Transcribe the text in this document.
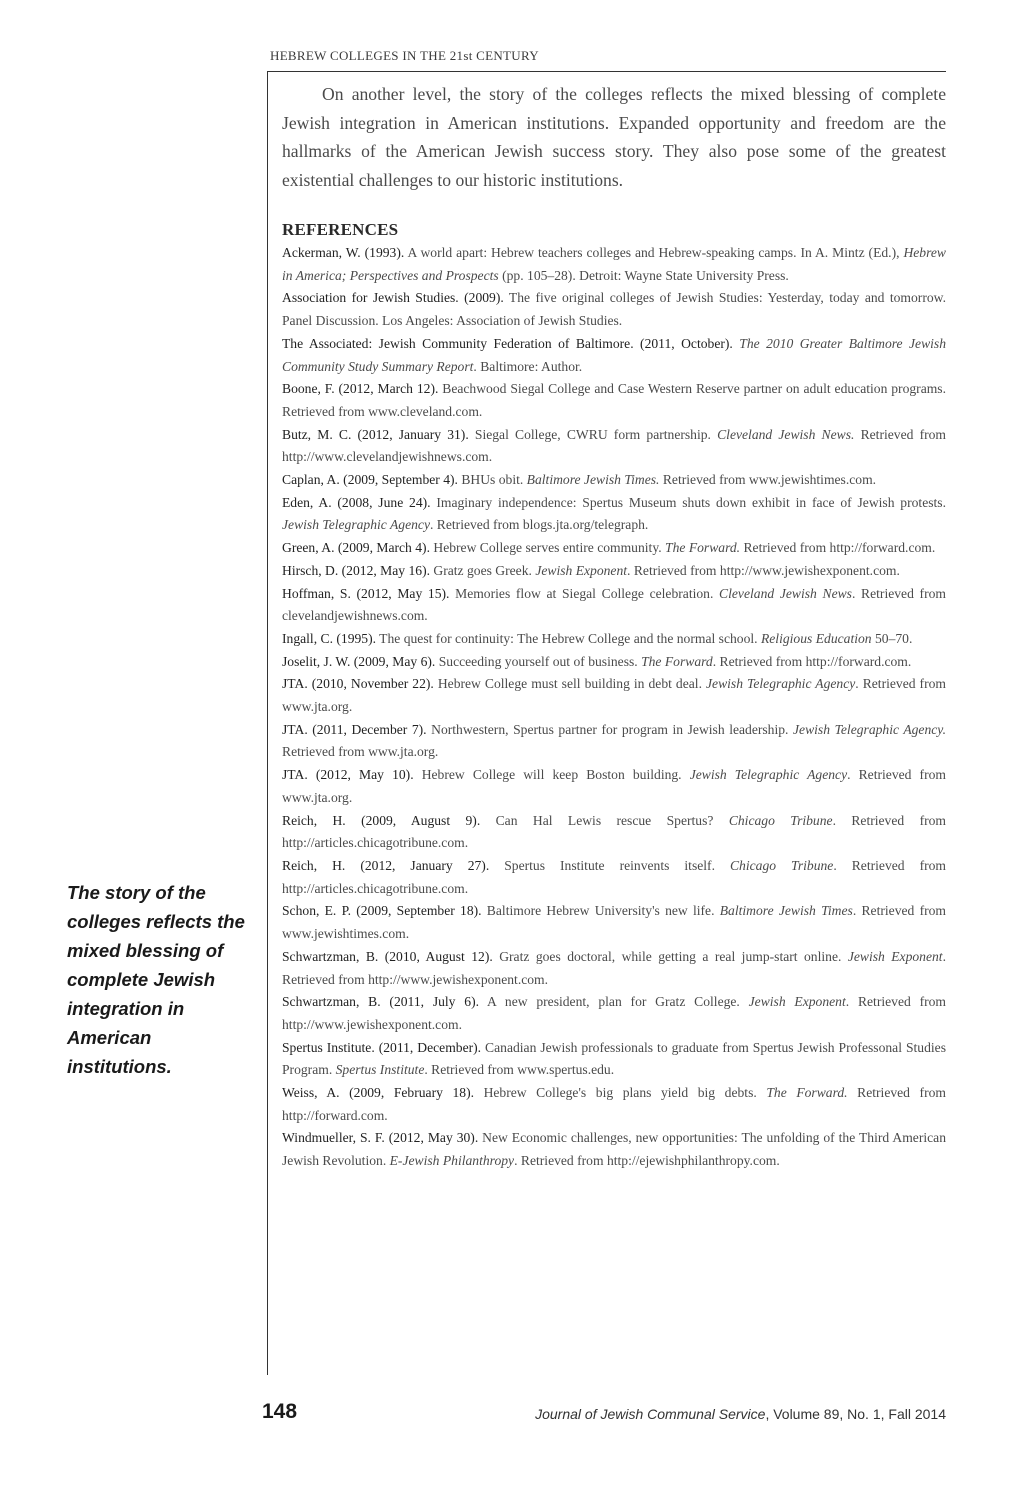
HEBREW COLLEGES IN THE 21st CENTURY

On another level, the story of the colleges reflects the mixed blessing of complete Jewish integration in American institutions. Expanded opportunity and freedom are the hallmarks of the American Jewish success story. They also pose some of the greatest existential challenges to our historic institutions.

REFERENCES

Ackerman, W. (1993). A world apart: Hebrew teachers colleges and Hebrew-speaking camps. In A. Mintz (Ed.), Hebrew in America; Perspectives and Prospects (pp. 105–28). Detroit: Wayne State University Press.

Association for Jewish Studies. (2009). The five original colleges of Jewish Studies: Yesterday, today and tomorrow. Panel Discussion. Los Angeles: Association of Jewish Studies.

The Associated: Jewish Community Federation of Baltimore. (2011, October). The 2010 Greater Baltimore Jewish Community Study Summary Report. Baltimore: Author.

Boone, F. (2012, March 12). Beachwood Siegal College and Case Western Reserve partner on adult education programs. Retrieved from www.cleveland.com.

Butz, M. C. (2012, January 31). Siegal College, CWRU form partnership. Cleveland Jewish News. Retrieved from http://www.clevelandjewishnews.com.

Caplan, A. (2009, September 4). BHUs obit. Baltimore Jewish Times. Retrieved from www.jewishtimes.com.

Eden, A. (2008, June 24). Imaginary independence: Spertus Museum shuts down exhibit in face of Jewish protests. Jewish Telegraphic Agency. Retrieved from blogs.jta.org/telegraph.

Green, A. (2009, March 4). Hebrew College serves entire community. The Forward. Retrieved from http://forward.com.

Hirsch, D. (2012, May 16). Gratz goes Greek. Jewish Exponent. Retrieved from http://www.jewishexponent.com.

Hoffman, S. (2012, May 15). Memories flow at Siegal College celebration. Cleveland Jewish News. Retrieved from clevelandjewishnews.com.

Ingall, C. (1995). The quest for continuity: The Hebrew College and the normal school. Religious Education 50–70.

Joselit, J. W. (2009, May 6). Succeeding yourself out of business. The Forward. Retrieved from http://forward.com.

JTA. (2010, November 22). Hebrew College must sell building in debt deal. Jewish Telegraphic Agency. Retrieved from www.jta.org.

JTA. (2011, December 7). Northwestern, Spertus partner for program in Jewish leadership. Jewish Telegraphic Agency. Retrieved from www.jta.org.

JTA. (2012, May 10). Hebrew College will keep Boston building. Jewish Telegraphic Agency. Retrieved from www.jta.org.

Reich, H. (2009, August 9). Can Hal Lewis rescue Spertus? Chicago Tribune. Retrieved from http://articles.chicagotribune.com.

Reich, H. (2012, January 27). Spertus Institute reinvents itself. Chicago Tribune. Retrieved from http://articles.chicagotribune.com.

Schon, E. P. (2009, September 18). Baltimore Hebrew University's new life. Baltimore Jewish Times. Retrieved from www.jewishtimes.com.

Schwartzman, B. (2010, August 12). Gratz goes doctoral, while getting a real jump-start online. Jewish Exponent. Retrieved from http://www.jewishexponent.com.

Schwartzman, B. (2011, July 6). A new president, plan for Gratz College. Jewish Exponent. Retrieved from http://www.jewishexponent.com.

Spertus Institute. (2011, December). Canadian Jewish professionals to graduate from Spertus Jewish Professonal Studies Program. Spertus Institute. Retrieved from www.spertus.edu.

Weiss, A. (2009, February 18). Hebrew College's big plans yield big debts. The Forward. Retrieved from http://forward.com.

Windmueller, S. F. (2012, May 30). New Economic challenges, new opportunities: The unfolding of the Third American Jewish Revolution. E-Jewish Philanthropy. Retrieved from http://ejewishphilanthropy.com.

The story of the colleges reflects the mixed blessing of complete Jewish integration in American institutions.
148	Journal of Jewish Communal Service, Volume 89, No. 1, Fall 2014
